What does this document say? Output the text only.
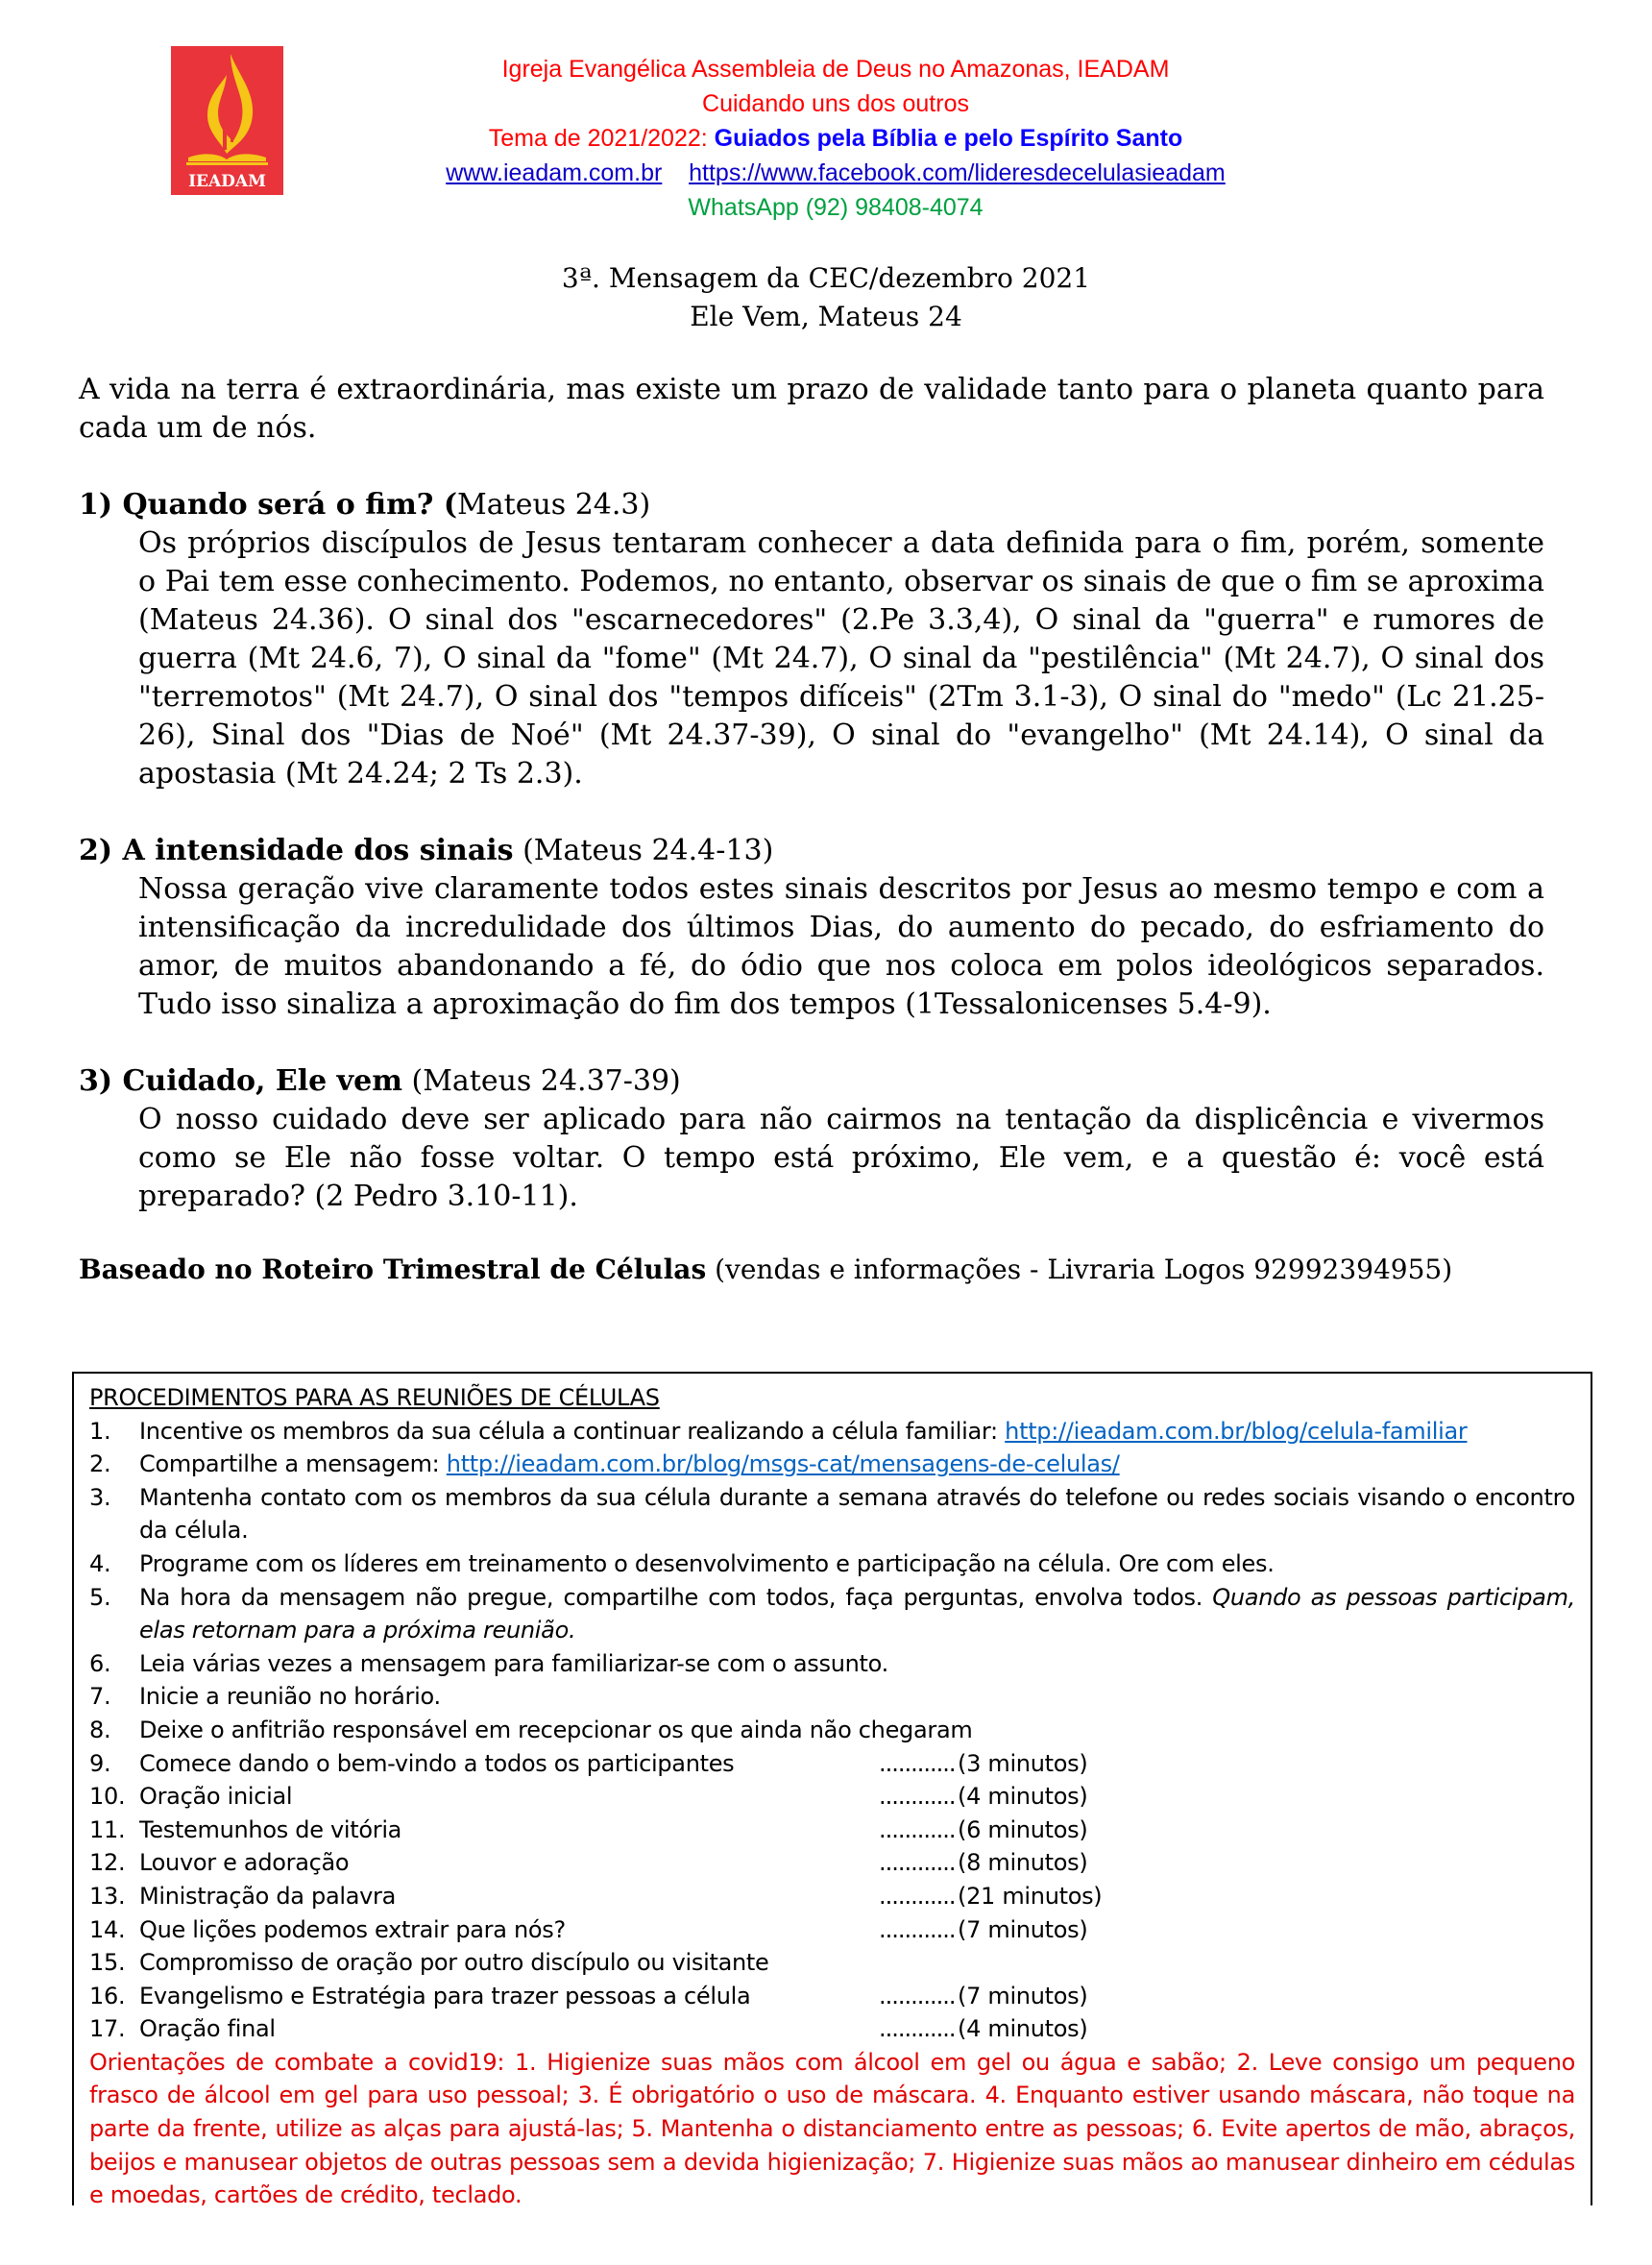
IEADAM
Igreja Evangélica Assembleia de Deus no Amazonas, IEADAM
Cuidando uns dos outros
Tema de 2021/2022: Guiados pela Bíblia e pelo Espírito Santo
www.ieadam.com.br https://www.facebook.com/lideresdecelulasieadam
WhatsApp (92) 98408-4074
3ª. Mensagem da CEC/dezembro 2021
Ele Vem, Mateus 24

A vida na terra é extraordinária, mas existe um prazo de validade tanto para o planeta quanto para cada um de nós.

1) Quando será o fim? (Mateus 24.3)
Os próprios discípulos de Jesus tentaram conhecer a data definida para o fim, porém, somente o Pai tem esse conhecimento. Podemos, no entanto, observar os sinais de que o fim se aproxima (Mateus 24.36). O sinal dos "escarnecedores" (2.Pe 3.3,4), O sinal da "guerra" e rumores de guerra (Mt 24.6, 7), O sinal da "fome" (Mt 24.7), O sinal da "pestilência" (Mt 24.7), O sinal dos "terremotos" (Mt 24.7), O sinal dos "tempos difíceis" (2Tm 3.1-3), O sinal do "medo" (Lc 21.25-26), Sinal dos "Dias de Noé" (Mt 24.37-39), O sinal do "evangelho" (Mt 24.14), O sinal da apostasia (Mt 24.24; 2 Ts 2.3).
2) A intensidade dos sinais (Mateus 24.4-13)
Nossa geração vive claramente todos estes sinais descritos por Jesus ao mesmo tempo e com a intensificação da incredulidade dos últimos Dias, do aumento do pecado, do esfriamento do amor, de muitos abandonando a fé, do ódio que nos coloca em polos ideológicos separados. Tudo isso sinaliza a aproximação do fim dos tempos (1Tessalonicenses 5.4-9).
3) Cuidado, Ele vem (Mateus 24.37-39)
O nosso cuidado deve ser aplicado para não cairmos na tentação da displicência e vivermos como se Ele não fosse voltar. O tempo está próximo, Ele vem, e a questão é: você está preparado? (2 Pedro 3.10-11).
Baseado no Roteiro Trimestral de Células (vendas e informações - Livraria Logos 92992394955)
PROCEDIMENTOS PARA AS REUNIÕES DE CÉLULAS
1.	Incentive os membros da sua célula a continuar realizando a célula familiar: http://ieadam.com.br/blog/celula-familiar
2.	Compartilhe a mensagem: http://ieadam.com.br/blog/msgs-cat/mensagens-de-celulas/
3.	Mantenha contato com os membros da sua célula durante a semana através do telefone ou redes sociais visando o encontro da célula.
4.	Programe com os líderes em treinamento o desenvolvimento e participação na célula. Ore com eles.
5.	Na hora da mensagem não pregue, compartilhe com todos, faça perguntas, envolva todos. Quando as pessoas participam, elas retornam para a próxima reunião.
6.	Leia várias vezes a mensagem para familiarizar-se com o assunto.
7.	Inicie a reunião no horário.
8.	Deixe o anfitrião responsável em recepcionar os que ainda não chegaram
9.	Comece dando o bem-vindo a todos os participantes	............ (3 minutos)
10. Oração inicial	............ (4 minutos)
11. Testemunhos de vitória	............ (6 minutos)
12. Louvor e adoração	............ (8 minutos)
13. Ministração da palavra	............ (21 minutos)
14. Que lições podemos extrair para nós?	............ (7 minutos)
15. Compromisso de oração por outro discípulo ou visitante
16. Evangelismo e Estratégia para trazer pessoas a célula	............ (7 minutos)
17. Oração final	............ (4 minutos)
Orientações de combate a covid19: 1. Higienize suas mãos com álcool em gel ou água e sabão; 2. Leve consigo um pequeno frasco de álcool em gel para uso pessoal; 3. É obrigatório o uso de máscara. 4. Enquanto estiver usando máscara, não toque na parte da frente, utilize as alças para ajustá-las; 5. Mantenha o distanciamento entre as pessoas; 6. Evite apertos de mão, abraços, beijos e manusear objetos de outras pessoas sem a devida higienização; 7. Higienize suas mãos ao manusear dinheiro em cédulas e moedas, cartões de crédito, teclado.
